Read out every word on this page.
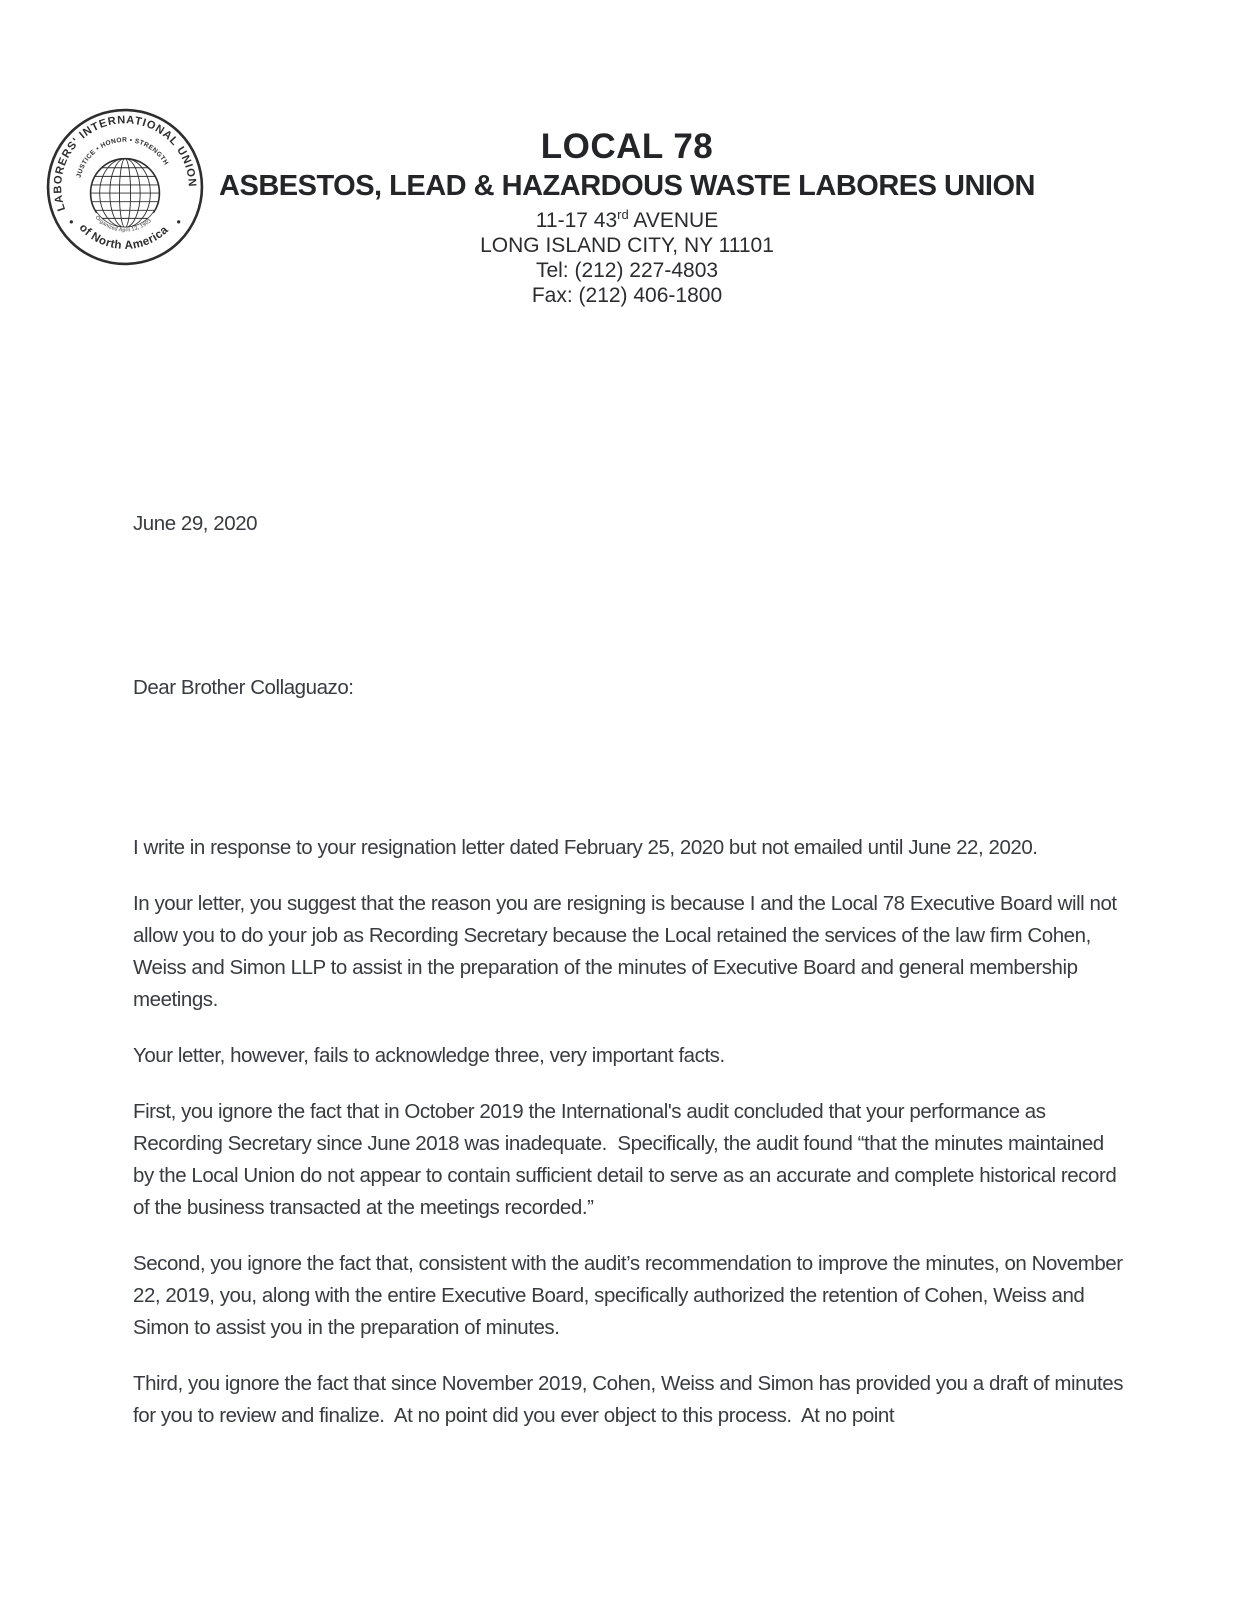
LABORERS' INTERNATIONAL UNION
of North America
JUSTICE • HONOR • STRENGTH
Organized April 13, 1903
LOCAL 78
ASBESTOS, LEAD & HAZARDOUS WASTE LABORES UNION
11-17 43rd AVENUE
LONG ISLAND CITY, NY 11101
Tel: (212) 227-4803
Fax: (212) 406-1800
June 29, 2020
Dear Brother Collaguazo:

I write in response to your resignation letter dated February 25, 2020 but not emailed until June 22, 2020.

In your letter, you suggest that the reason you are resigning is because I and the Local 78 Executive Board will not allow you to do your job as Recording Secretary because the Local retained the services of the law firm Cohen, Weiss and Simon LLP to assist in the preparation of the minutes of Executive Board and general membership meetings.

Your letter, however, fails to acknowledge three, very important facts.

First, you ignore the fact that in October 2019 the International's audit concluded that your performance as Recording Secretary since June 2018 was inadequate.  Specifically, the audit found “that the minutes maintained by the Local Union do not appear to contain sufficient detail to serve as an accurate and complete historical record of the business transacted at the meetings recorded.”

Second, you ignore the fact that, consistent with the audit’s recommendation to improve the minutes, on November 22, 2019, you, along with the entire Executive Board, specifically authorized the retention of Cohen, Weiss and Simon to assist you in the preparation of minutes.

Third, you ignore the fact that since November 2019, Cohen, Weiss and Simon has provided you a draft of minutes for you to review and finalize.  At no point did you ever object to this process.  At no point
